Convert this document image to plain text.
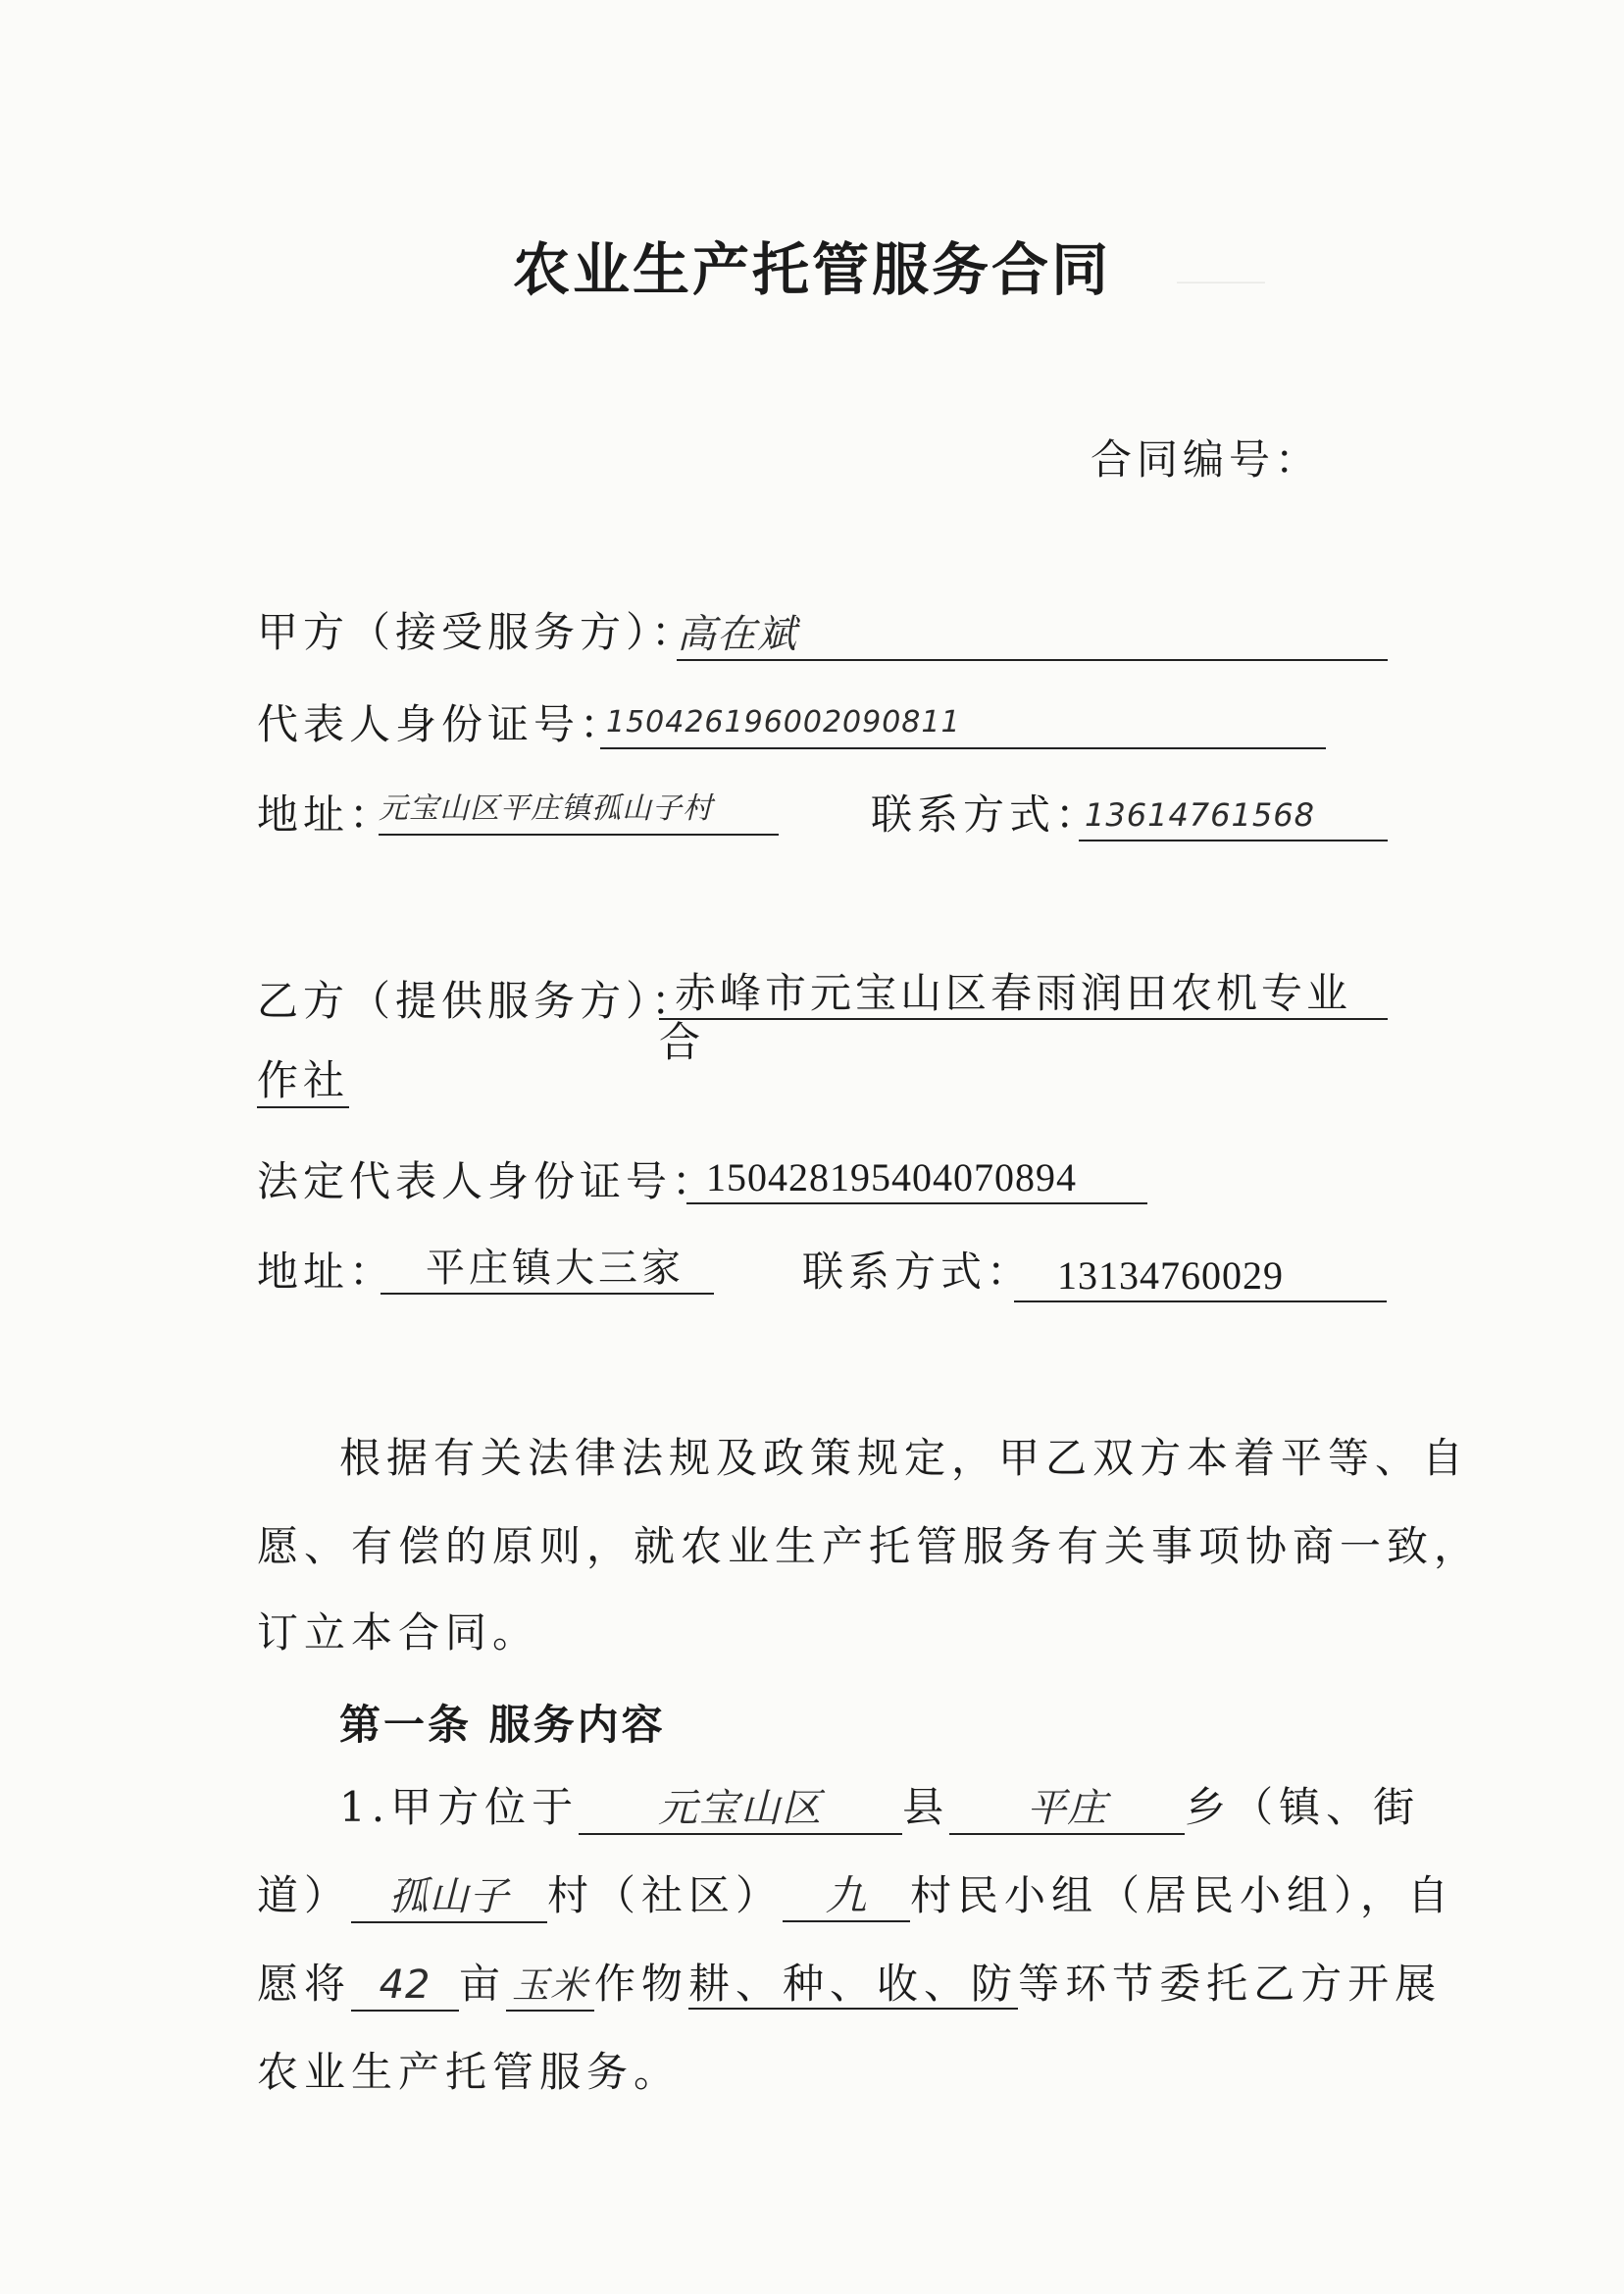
＿＿＿　　
农业生产托管服务合同
合同编号：
甲方（接受服务方）：
高在斌
代表人身份证号：
150426196002090811
地址：
元宝山区平庄镇孤山子村	联系方式：
13614761568
乙方（提供服务方）：
赤峰市元宝山区春雨润田农机专业合
作社
法定代表人身份证号：
150428195404070894
地址： 平庄镇大三家	联系方式： 13134760029
根据有关法律法规及政策规定，甲乙双方本着平等、自
愿、有偿的原则，就农业生产托管服务有关事项协商一致，
订立本合同。
第一条 服务内容
1.甲方位于 元宝山区 县 平庄 乡（镇、街
道） 孤山子 村（社区） 九 村民小组（居民小组），自
愿将 42 亩 玉米 作物耕、种、收、防等环节委托乙方开展
农业生产托管服务。
